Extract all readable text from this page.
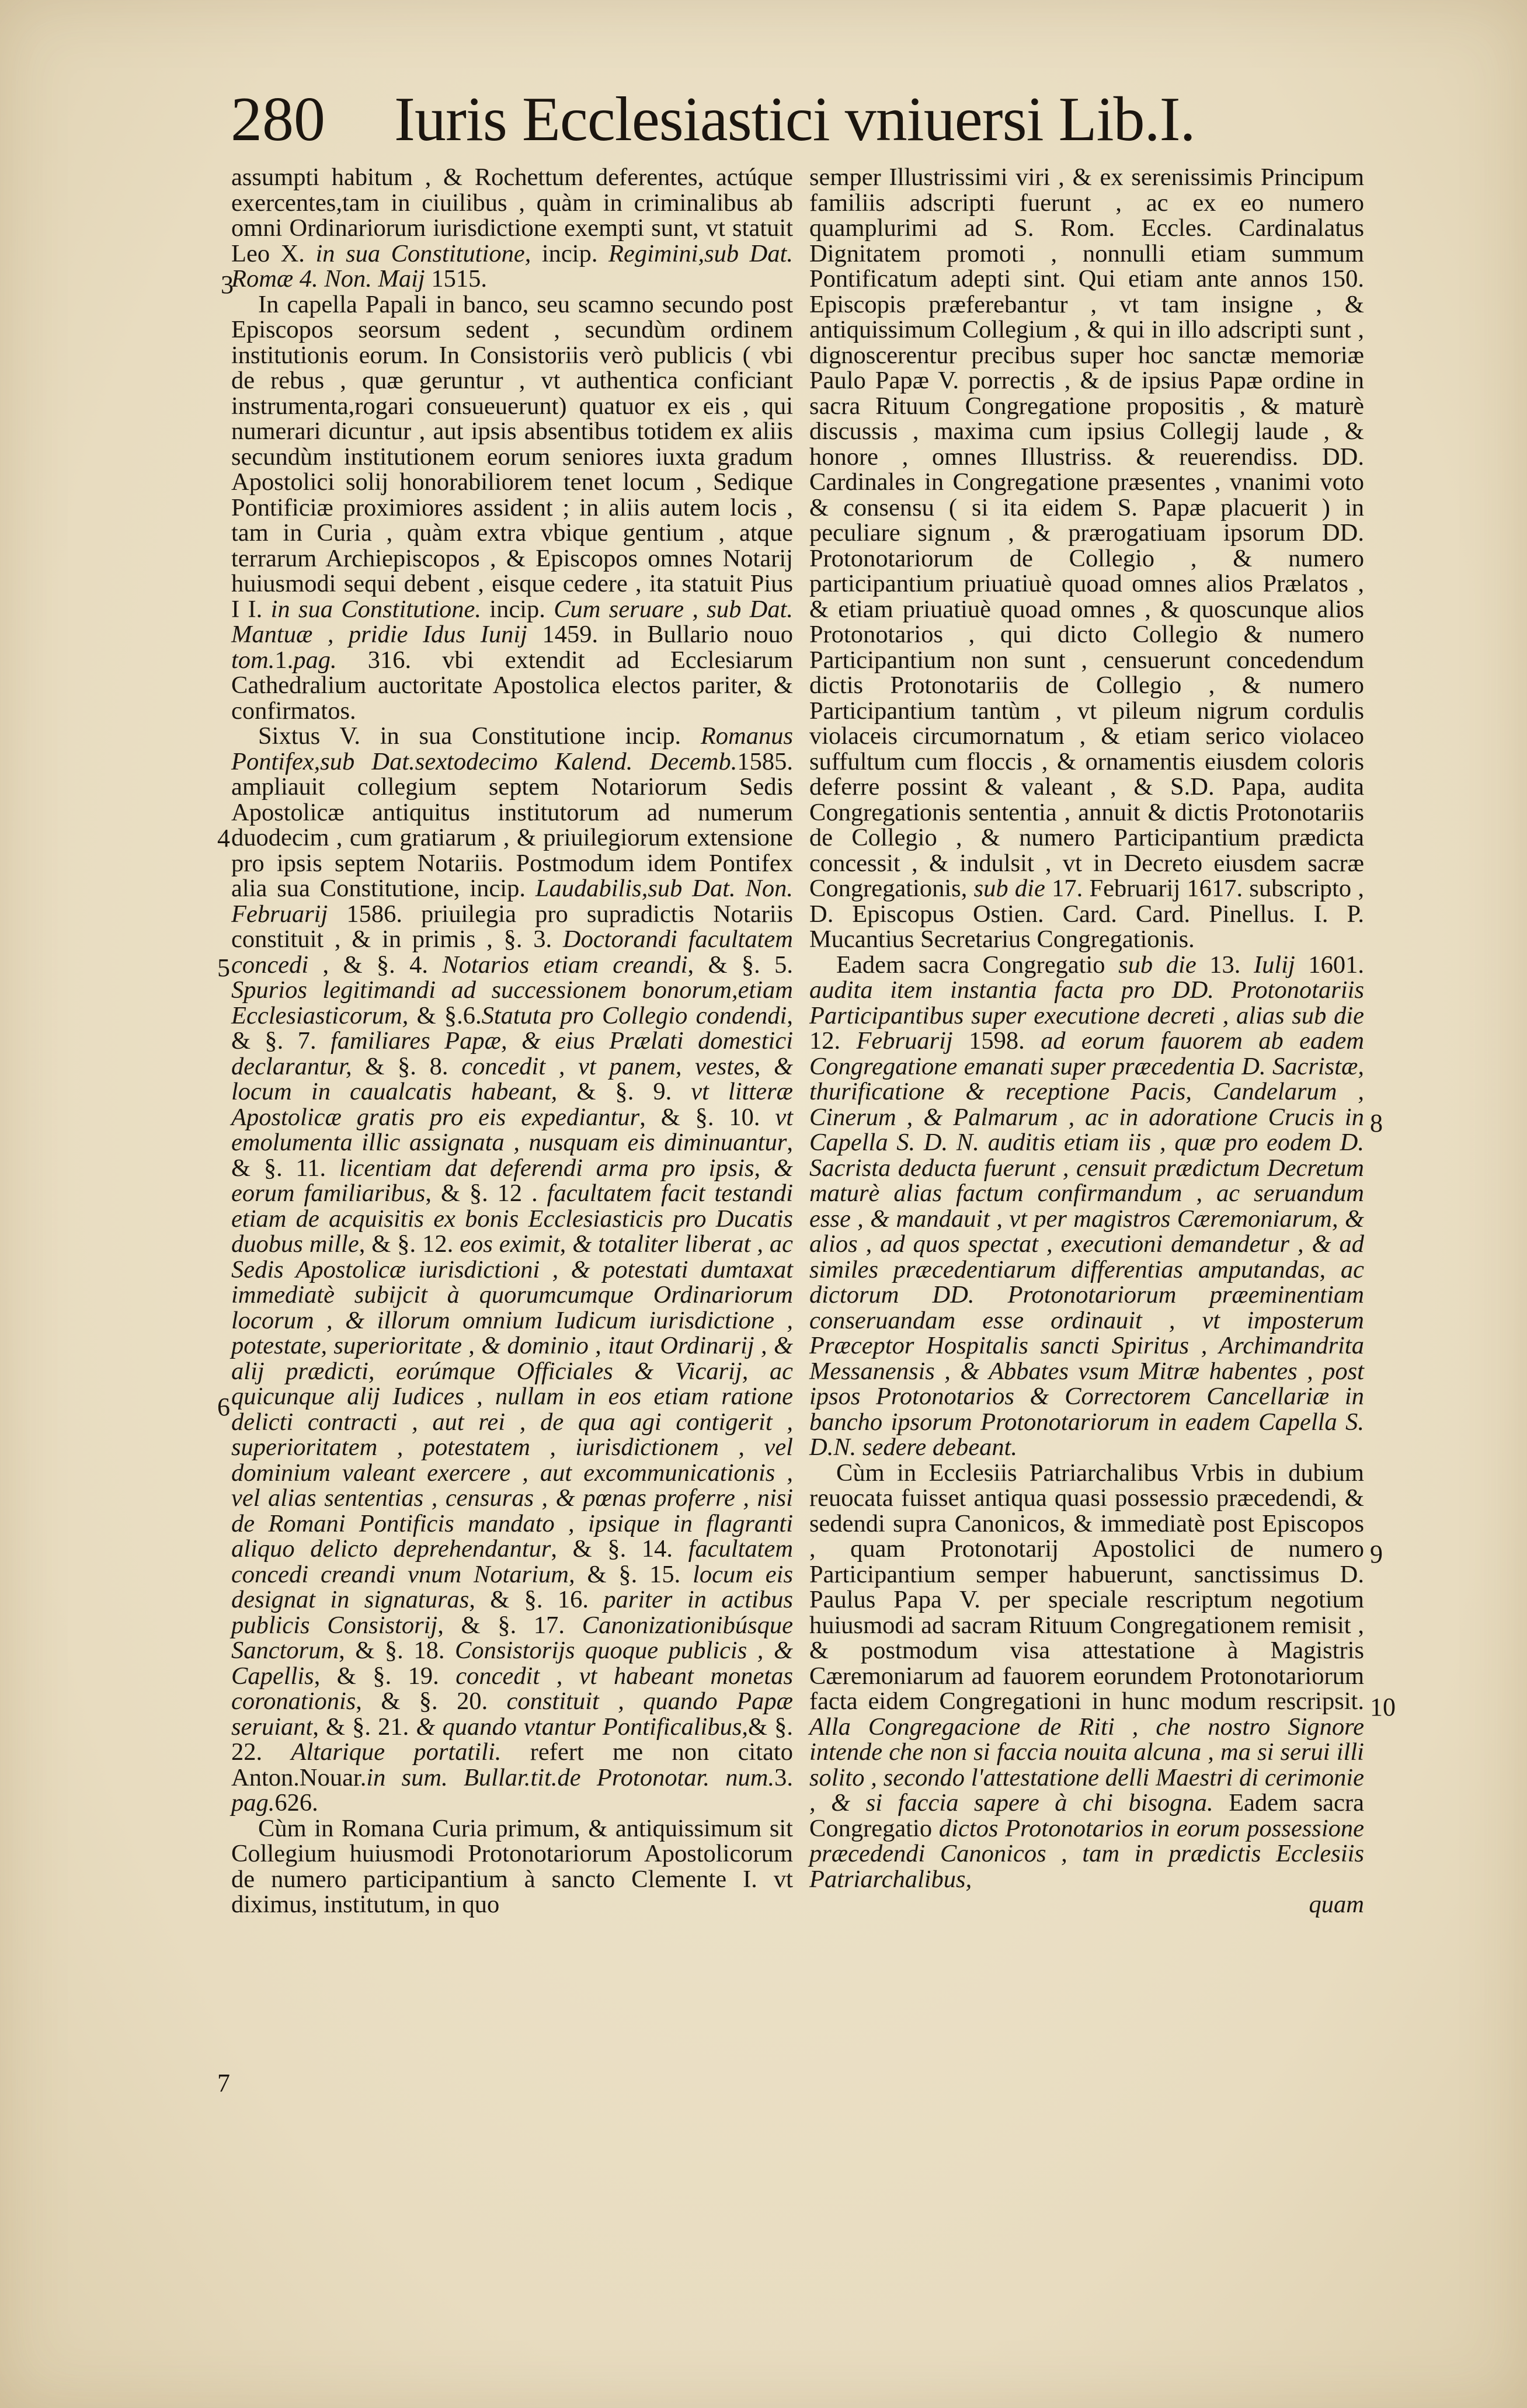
280 Iuris Ecclesiastici vniuersi Lib.I.
3
4
5
6
7
8
9
10

assumpti habitum , & Rochettum deferentes, actúque exercentes,tam in ciuilibus , quàm in criminalibus ab omni Ordinariorum iurisdictione exempti sunt, vt statuit Leo X. in sua Constitutione, incip. Regimini,sub Dat. Romæ 4. Non. Maij 1515.

In capella Papali in banco, seu scamno secundo post Episcopos seorsum sedent , secundùm ordinem institutionis eorum. In Consistoriis verò publicis ( vbi de rebus , quæ geruntur , vt authentica conficiant instrumenta,rogari consueuerunt) quatuor ex eis , qui numerari dicuntur , aut ipsis absentibus totidem ex aliis secundùm institutionem eorum seniores iuxta gradum Apostolici solij honorabiliorem tenet locum , Sedique Pontificiæ proximiores assident ; in aliis autem locis , tam in Curia , quàm extra vbique gentium , atque terrarum Archiepiscopos , & Episcopos omnes Notarij huiusmodi sequi debent , eisque cedere , ita statuit Pius I I. in sua Constitutione. incip. Cum seruare , sub Dat. Mantuæ , pridie Idus Iunij 1459. in Bullario nouo tom.1.pag. 316. vbi extendit ad Ecclesiarum Cathedralium auctoritate Apostolica electos pariter, & confirmatos.

Sixtus V. in sua Constitutione incip. Romanus Pontifex,sub Dat.sextodecimo Kalend. Decemb.1585. ampliauit collegium septem Notariorum Sedis Apostolicæ antiquitus institutorum ad numerum duodecim , cum gratiarum , & priuilegiorum extensione pro ipsis septem Notariis. Postmodum idem Pontifex alia sua Constitutione, incip. Laudabilis,sub Dat. Non. Februarij 1586. priuilegia pro supradictis Notariis constituit , & in primis , §. 3. Doctorandi facultatem concedi , & §. 4. Notarios etiam creandi, & §. 5. Spurios legitimandi ad successionem bonorum,etiam Ecclesiasticorum, & §.6.Statuta pro Collegio condendi, & §. 7. familiares Papæ, & eius Prælati domestici declarantur, & §. 8. concedit , vt panem, vestes, & locum in caualcatis habeant, & §. 9. vt litteræ Apostolicæ gratis pro eis expediantur, & §. 10. vt emolumenta illic assignata , nusquam eis diminuantur, & §. 11. licentiam dat deferendi arma pro ipsis, & eorum familiaribus, & §. 12 . facultatem facit testandi etiam de acquisitis ex bonis Ecclesiasticis pro Ducatis duobus mille, & §. 12. eos eximit, & totaliter liberat , ac Sedis Apostolicæ iurisdictioni , & potestati dumtaxat immediatè subijcit à quorumcumque Ordinariorum locorum , & illorum omnium Iudicum iurisdictione , potestate, superioritate , & dominio , itaut Ordinarij , & alij prædicti, eorúmque Officiales & Vicarij, ac quicunque alij Iudices , nullam in eos etiam ratione delicti contracti , aut rei , de qua agi contigerit , superioritatem , potestatem , iurisdictionem , vel dominium valeant exercere , aut excommunicationis , vel alias sententias , censuras , & pœnas proferre , nisi de Romani Pontificis mandato , ipsique in flagranti aliquo delicto deprehendantur, & §. 14. facultatem concedi creandi vnum Notarium, & §. 15. locum eis designat in signaturas, & §. 16. pariter in actibus publicis Consistorij, & §. 17. Canonizationibúsque Sanctorum, & §. 18. Consistorijs quoque publicis , & Capellis, & §. 19. concedit , vt habeant monetas coronationis, & §. 20. constituit , quando Papæ seruiant, & §. 21. & quando vtantur Pontificalibus,& §. 22. Altarique portatili. refert me non citato Anton.Nouar.in sum. Bullar.tit.de Protonotar. num.3. pag.626.

Cùm in Romana Curia primum, & antiquissimum sit Collegium huiusmodi Protonotariorum Apostolicorum de numero participantium à sancto Clemente I. vt diximus, institutum, in quo

semper Illustrissimi viri , & ex serenissimis Principum familiis adscripti fuerunt , ac ex eo numero quamplurimi ad S. Rom. Eccles. Cardinalatus Dignitatem promoti , nonnulli etiam summum Pontificatum adepti sint. Qui etiam ante annos 150. Episcopis præferebantur , vt tam insigne , & antiquissimum Collegium , & qui in illo adscripti sunt , dignoscerentur precibus super hoc sanctæ memoriæ Paulo Papæ V. porrectis , & de ipsius Papæ ordine in sacra Rituum Congregatione propositis , & maturè discussis , maxima cum ipsius Collegij laude , & honore , omnes Illustriss. & reuerendiss. DD. Cardinales in Congregatione præsentes , vnanimi voto & consensu ( si ita eidem S. Papæ placuerit ) in peculiare signum , & prærogatiuam ipsorum DD. Protonotariorum de Collegio , & numero participantium priuatiuè quoad omnes alios Prælatos , & etiam priuatiuè quoad omnes , & quoscunque alios Protonotarios , qui dicto Collegio & numero Participantium non sunt , censuerunt concedendum dictis Protonotariis de Collegio , & numero Participantium tantùm , vt pileum nigrum cordulis violaceis circumornatum , & etiam serico violaceo suffultum cum floccis , & ornamentis eiusdem coloris deferre possint & valeant , & S.D. Papa, audita Congregationis sententia , annuit & dictis Protonotariis de Collegio , & numero Participantium prædicta concessit , & indulsit , vt in Decreto eiusdem sacræ Congregationis, sub die 17. Februarij 1617. subscripto , D. Episcopus Ostien. Card. Card. Pinellus. I. P. Mucantius Secretarius Congregationis.

Eadem sacra Congregatio sub die 13. Iulij 1601. audita item instantia facta pro DD. Protonotariis Participantibus super executione decreti , alias sub die 12. Februarij 1598. ad eorum fauorem ab eadem Congregatione emanati super præcedentia D. Sacristæ, thurificatione & receptione Pacis, Candelarum , Cinerum , & Palmarum , ac in adoratione Crucis in Capella S. D. N. auditis etiam iis , quæ pro eodem D. Sacrista deducta fuerunt , censuit prædictum Decretum maturè alias factum confirmandum , ac seruandum esse , & mandauit , vt per magistros Cæremoniarum, & alios , ad quos spectat , executioni demandetur , & ad similes præcedentiarum differentias amputandas, ac dictorum DD. Protonotariorum præeminentiam conseruandam esse ordinauit , vt imposterum Præceptor Hospitalis sancti Spiritus , Archimandrita Messanensis , & Abbates vsum Mitræ habentes , post ipsos Protonotarios & Correctorem Cancellariæ in bancho ipsorum Protonotariorum in eadem Capella S. D.N. sedere debeant.

Cùm in Ecclesiis Patriarchalibus Vrbis in dubium reuocata fuisset antiqua quasi possessio præcedendi, & sedendi supra Canonicos, & immediatè post Episcopos , quam Protonotarij Apostolici de numero Participantium semper habuerunt, sanctissimus D. Paulus Papa V. per speciale rescriptum negotium huiusmodi ad sacram Rituum Congregationem remisit , & postmodum visa attestatione à Magistris Cæremoniarum ad fauorem eorundem Protonotariorum facta eidem Congregationi in hunc modum rescripsit. Alla Congregacione de Riti , che nostro Signore intende che non si faccia nouita alcuna , ma si serui illi solito , secondo l'attestatione delli Maestri di cerimonie , & si faccia sapere à chi bisogna. Eadem sacra Congregatio dictos Protonotarios in eorum possessione præcedendi Canonicos , tam in prædictis Ecclesiis Patriarchalibus,

quam
